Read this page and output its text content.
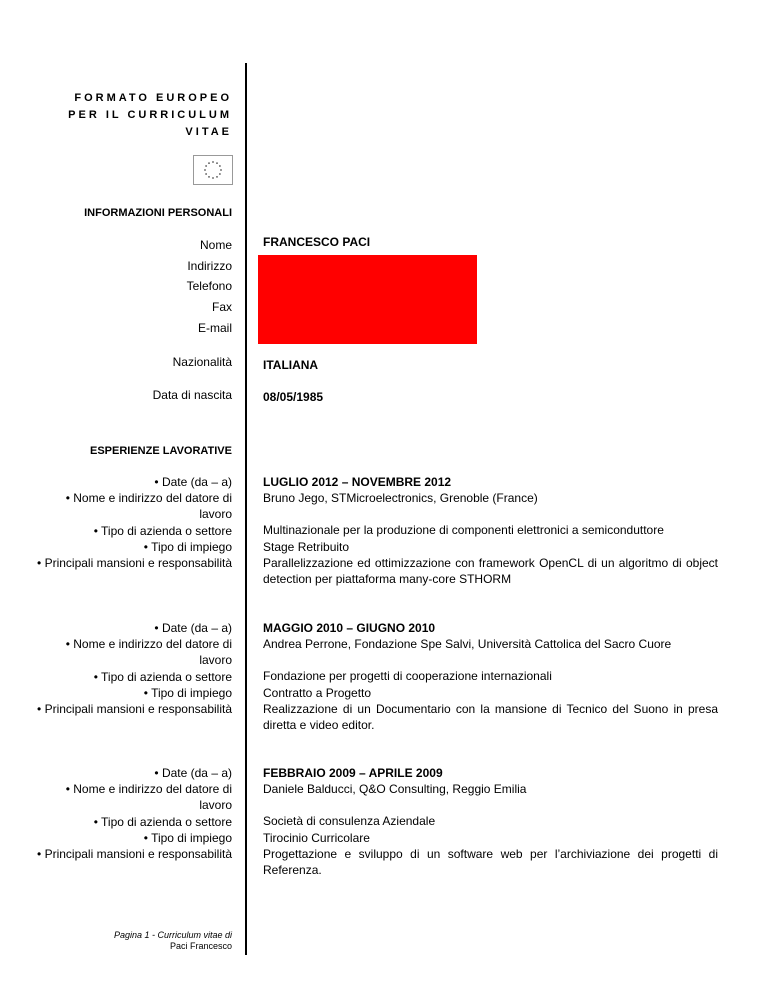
FORMATO EUROPEO
PER IL CURRICULUM
VITAE
INFORMAZIONI PERSONALI
Nome
Indirizzo
Telefono
Fax
E-mail
Nazionalità
Data di nascita
FRANCESCO PACI
ITALIANA
08/05/1985
ESPERIENZE LAVORATIVE
• Date (da – a)
• Nome e indirizzo del datore di lavoro
• Tipo di azienda o settore
• Tipo di impiego
• Principali mansioni e responsabilità
LUGLIO 2012 – NOVEMBRE 2012
Bruno Jego, STMicroelectronics, Grenoble (France)
Multinazionale per la produzione di componenti elettronici a semiconduttore
Stage Retribuito
Parallelizzazione ed ottimizzazione con framework OpenCL di un algoritmo di object detection per piattaforma many-core STHORM
• Date (da – a)
• Nome e indirizzo del datore di lavoro
• Tipo di azienda o settore
• Tipo di impiego
• Principali mansioni e responsabilità
MAGGIO 2010 – GIUGNO 2010
Andrea Perrone, Fondazione Spe Salvi, Università Cattolica del Sacro Cuore
Fondazione per progetti di cooperazione internazionali
Contratto a Progetto
Realizzazione di un Documentario con la mansione di Tecnico del Suono in presa diretta e video editor.
• Date (da – a)
• Nome e indirizzo del datore di lavoro
• Tipo di azienda o settore
• Tipo di impiego
• Principali mansioni e responsabilità
FEBBRAIO 2009 – APRILE 2009
Daniele Balducci, Q&O Consulting, Reggio Emilia
Società di consulenza Aziendale
Tirocinio Curricolare
Progettazione e sviluppo di un software web per l’archiviazione dei progetti di Referenza.
Pagina 1 - Curriculum vitae di
Paci Francesco
